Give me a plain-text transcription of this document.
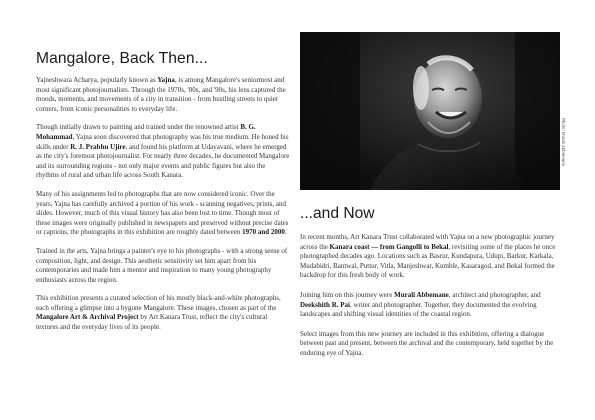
Mangalore, Back Then...

Yajneshwara Acharya, popularly known as Yajna, is among Mangalore's seniormost and most significant photojournalists. Through the 1970s, '80s, and '90s, his lens captured the moods, moments, and movements of a city in transition - from bustling streets to quiet corners, from iconic personalities to everyday life.

Though initially drawn to painting and trained under the renowned artist B. G. Mohammad, Yajna soon discovered that photography was his true medium. He honed his skills under R. J. Prabhu Ujire, and found his platform at Udayavani, where he emerged as the city's foremost photojournalist. For nearly three decades, he documented Mangalore and its surrounding regions - not only major events and public figures but also the rhythms of rural and urban life across South Kanara.

Many of his assignments led to photographs that are now considered iconic. Over the years, Yajna has carefully archived a portion of his work - scanning negatives, prints, and slides. However, much of this visual history has also been lost to time. Though most of these images were originally published in newspapers and preserved without precise dates or captions, the photographs in this exhibition are roughly dated between 1970 and 2000.

Trained in the arts, Yajna brings a painter's eye to his photographs - with a strong sense of composition, light, and design. This aesthetic sensitivity set him apart from his contemporaries and made him a mentor and inspiration to many young photography enthusiasts across the region.

This exhibition presents a curated selection of his mostly black-and-white photographs, each offering a glimpse into a bygone Mangalore. These images, chosen as part of the Mangalore Art & Archival Project by Art Kanara Trust, reflect the city's cultural textures and the everyday lives of its people.

Photo: Murali Abbemane
...and Now

In recent months, Art Kanara Trust collaborated with Yajna on a new photographic journey across the Kanara coast — from Gangolli to Bekal, revisiting some of the places he once photographed decades ago. Locations such as Basrur, Kundapura, Udupi, Barkur, Karkala, Mudabidri, Bantwal, Puttur, Vitla, Manjeshwar, Kumble, Kasaragod, and Bekal formed the backdrop for this fresh body of work.

Joining him on this journey were Murali Abbemane, architect and photographer, and Deekshith R. Pai, writer and photographer. Together, they documented the evolving landscapes and shifting visual identities of the coastal region.

Select images from this new journey are included in this exhibition, offering a dialogue between past and present, between the archival and the contemporary, held together by the enduring eye of Yajna.
